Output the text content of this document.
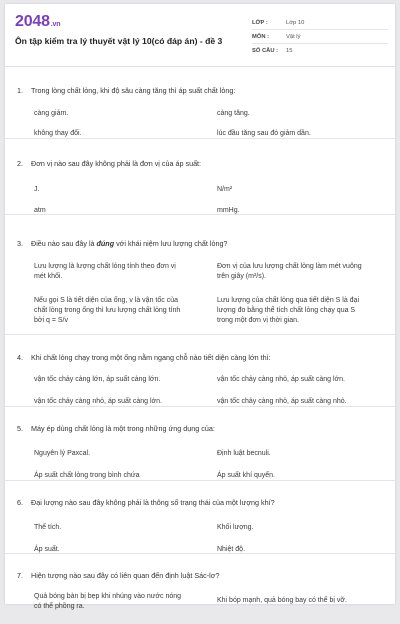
2048.vn
Ôn tập kiểm tra lý thuyết vật lý 10(có đáp án) - đề 3
LỚP :	Lớp 10
MÔN :	Vật lý
SỐ CÂU :	15
1. Trong lòng chất lỏng, khi độ sâu càng tăng thì áp suất chất lỏng:
càng giảm.	càng tăng.
không thay đổi.	lúc đầu tăng sau đó giảm dần.
2. Đơn vị nào sau đây không phải là đơn vị của áp suất:
J.	N/m²
atm	mmHg.
3. Điều nào sau đây là đúng với khái niệm lưu lượng chất lỏng?
Lưu lượng là lượng chất lỏng tính theo đơn vị
mét khối.
Đơn vị của lưu lượng chất lỏng làm mét vuông
trên giây (m²/s).
Nếu gọi S là tiết diện của ống, v là vận tốc của
chất lỏng trong ống thì lưu lượng chất lỏng tính
bởi q = S/v
Lưu lượng của chất lỏng qua tiết diện S là đại
lượng đo bằng thể tích chất lỏng chạy qua S
trong một đơn vị thời gian.
4. Khi chất lỏng chạy trong một ống nằm ngang chỗ nào tiết diện càng lớn thì:
vận tốc chảy càng lớn, áp suất càng lớn.	vận tốc chảy càng nhỏ, áp suất càng lớn.
vận tốc chảy càng nhỏ, áp suất càng lớn.	vận tốc chảy càng nhỏ, áp suất càng nhỏ.
5. Máy ép dùng chất lỏng là một trong những ứng dụng của:
Nguyên lý Paxcal.	Định luật becnuli.
Áp suất chất lỏng trong bình chứa	Áp suất khí quyển.
6. Đại lượng nào sau đây không phải là thông số trạng thái của một lượng khí?
Thể tích.	Khối lượng.
Áp suất.	Nhiệt độ.
7. Hiện tượng nào sau đây có liên quan đến định luật Sác-lơ?
Quả bóng bàn bị bẹp khi nhúng vào nước nóng
có thể phồng ra.
Khi bóp mạnh, quả bóng bay có thể bị vỡ.
